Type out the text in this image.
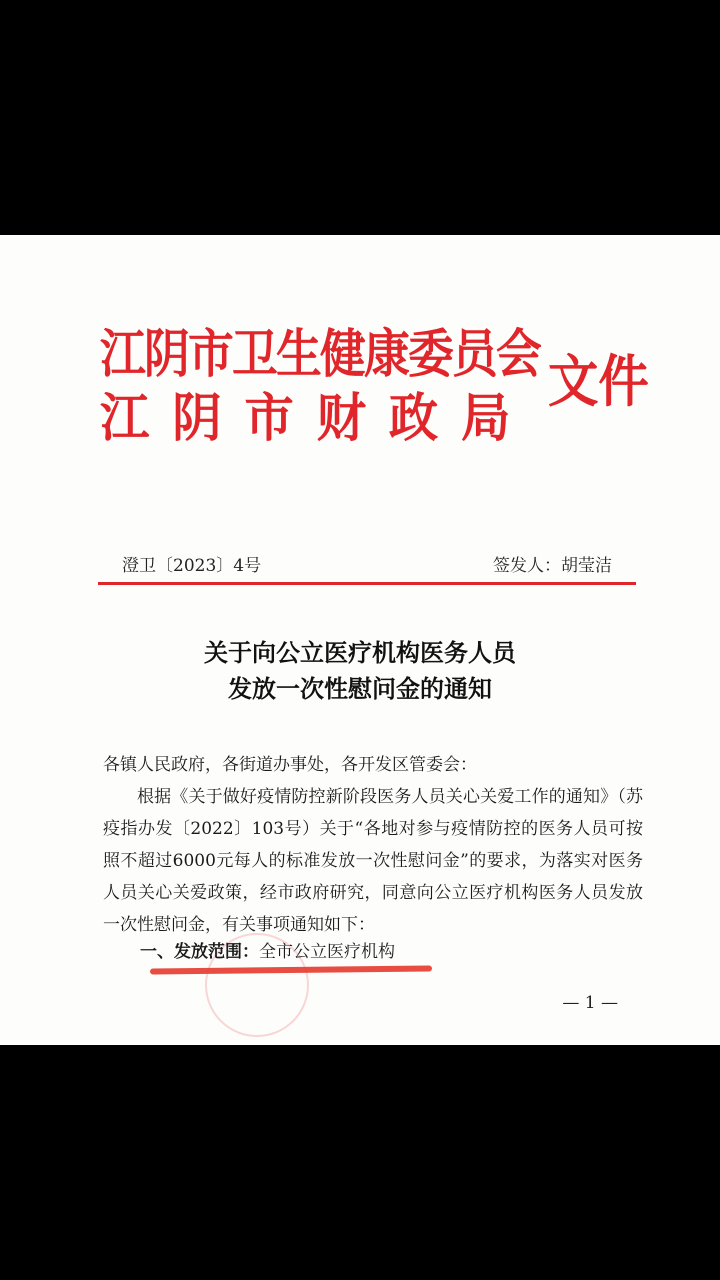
江阴市卫生健康委员会
江阴市财政局
文件
澄卫〔2023〕4号	签发人：胡莹洁
关于向公立医疗机构医务人员
发放一次性慰问金的通知

各镇人民政府，各街道办事处，各开发区管委会：

根据《关于做好疫情防控新阶段医务人员关心关爱工作的通知》（苏疫指办发〔2022〕103号）关于“各地对参与疫情防控的医务人员可按照不超过6000元每人的标准发放一次性慰问金”的要求，为落实对医务人员关心关爱政策，经市政府研究，同意向公立医疗机构医务人员发放一次性慰问金，有关事项通知如下：

一、发放范围：全市公立医疗机构
— 1 —
